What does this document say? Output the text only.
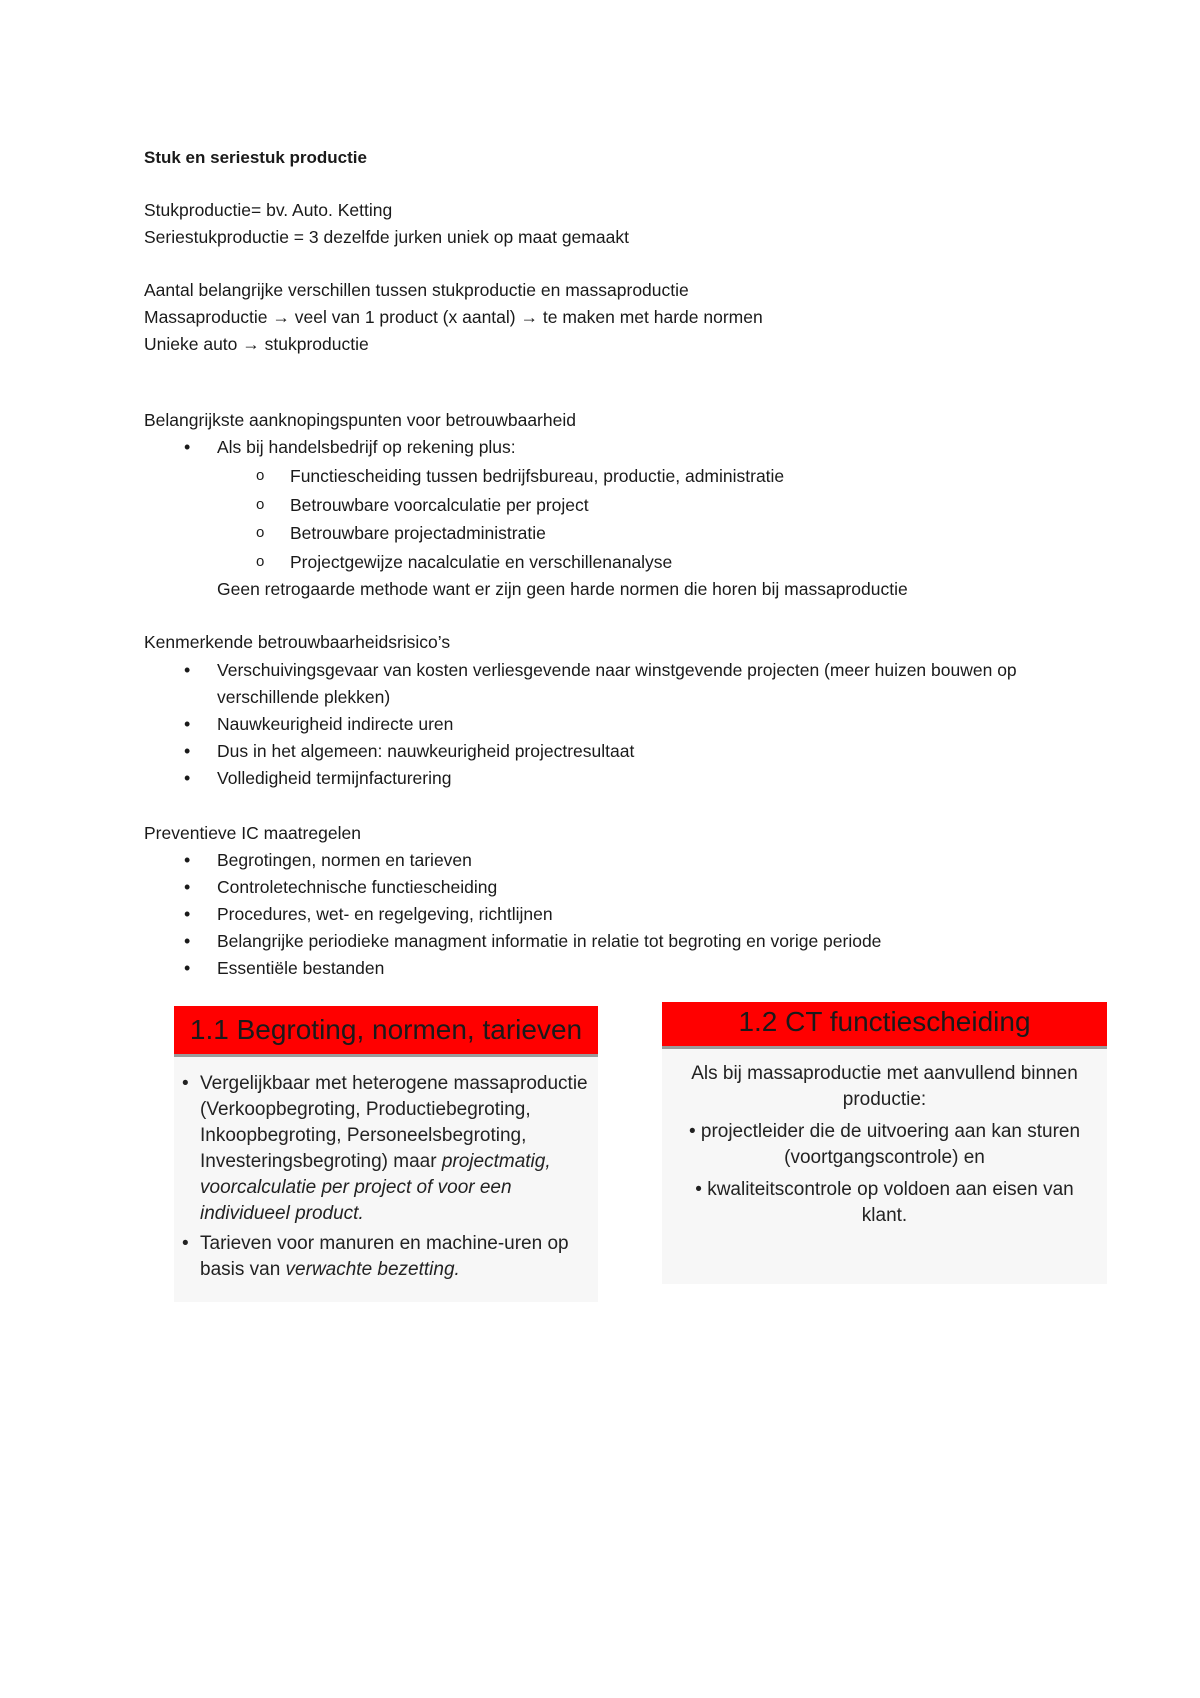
Stuk en seriestuk productie
Stukproductie= bv. Auto. Ketting
Seriestukproductie = 3 dezelfde jurken uniek op maat gemaakt
Aantal belangrijke verschillen tussen stukproductie en massaproductie
Massaproductie → veel van 1 product (x aantal) → te maken met harde normen
Unieke auto → stukproductie
Belangrijkste aanknopingspunten voor betrouwbaarheid
• Als bij handelsbedrijf op rekening plus:
o Functiescheiding tussen bedrijfsbureau, productie, administratie
o Betrouwbare voorcalculatie per project
o Betrouwbare projectadministratie
o Projectgewijze nacalculatie en verschillenanalyse
Geen retrogaarde methode want er zijn geen harde normen die horen bij massaproductie
Kenmerkende betrouwbaarheidsrisico’s
• Verschuivingsgevaar van kosten verliesgevende naar winstgevende projecten (meer huizen bouwen op verschillende plekken)
• Nauwkeurigheid indirecte uren
• Dus in het algemeen: nauwkeurigheid projectresultaat
• Volledigheid termijnfacturering
Preventieve IC maatregelen
• Begrotingen, normen en tarieven
• Controletechnische functiescheiding
• Procedures, wet- en regelgeving, richtlijnen
• Belangrijke periodieke managment informatie in relatie tot begroting en vorige periode
• Essentiële bestanden
1.1 Begroting, normen, tarieven
• Vergelijkbaar met heterogene massaproductie (Verkoopbegroting, Productiebegroting, Inkoopbegroting, Personeelsbegroting, Investeringsbegroting) maar projectmatig, voorcalculatie per project of voor een individueel product.
• Tarieven voor manuren en machine-uren op basis van verwachte bezetting.
1.2 CT functiescheiding

Als bij massaproductie met aanvullend binnen productie:

• projectleider die de uitvoering aan kan sturen (voortgangscontrole) en
• kwaliteitscontrole op voldoen aan eisen van klant.
